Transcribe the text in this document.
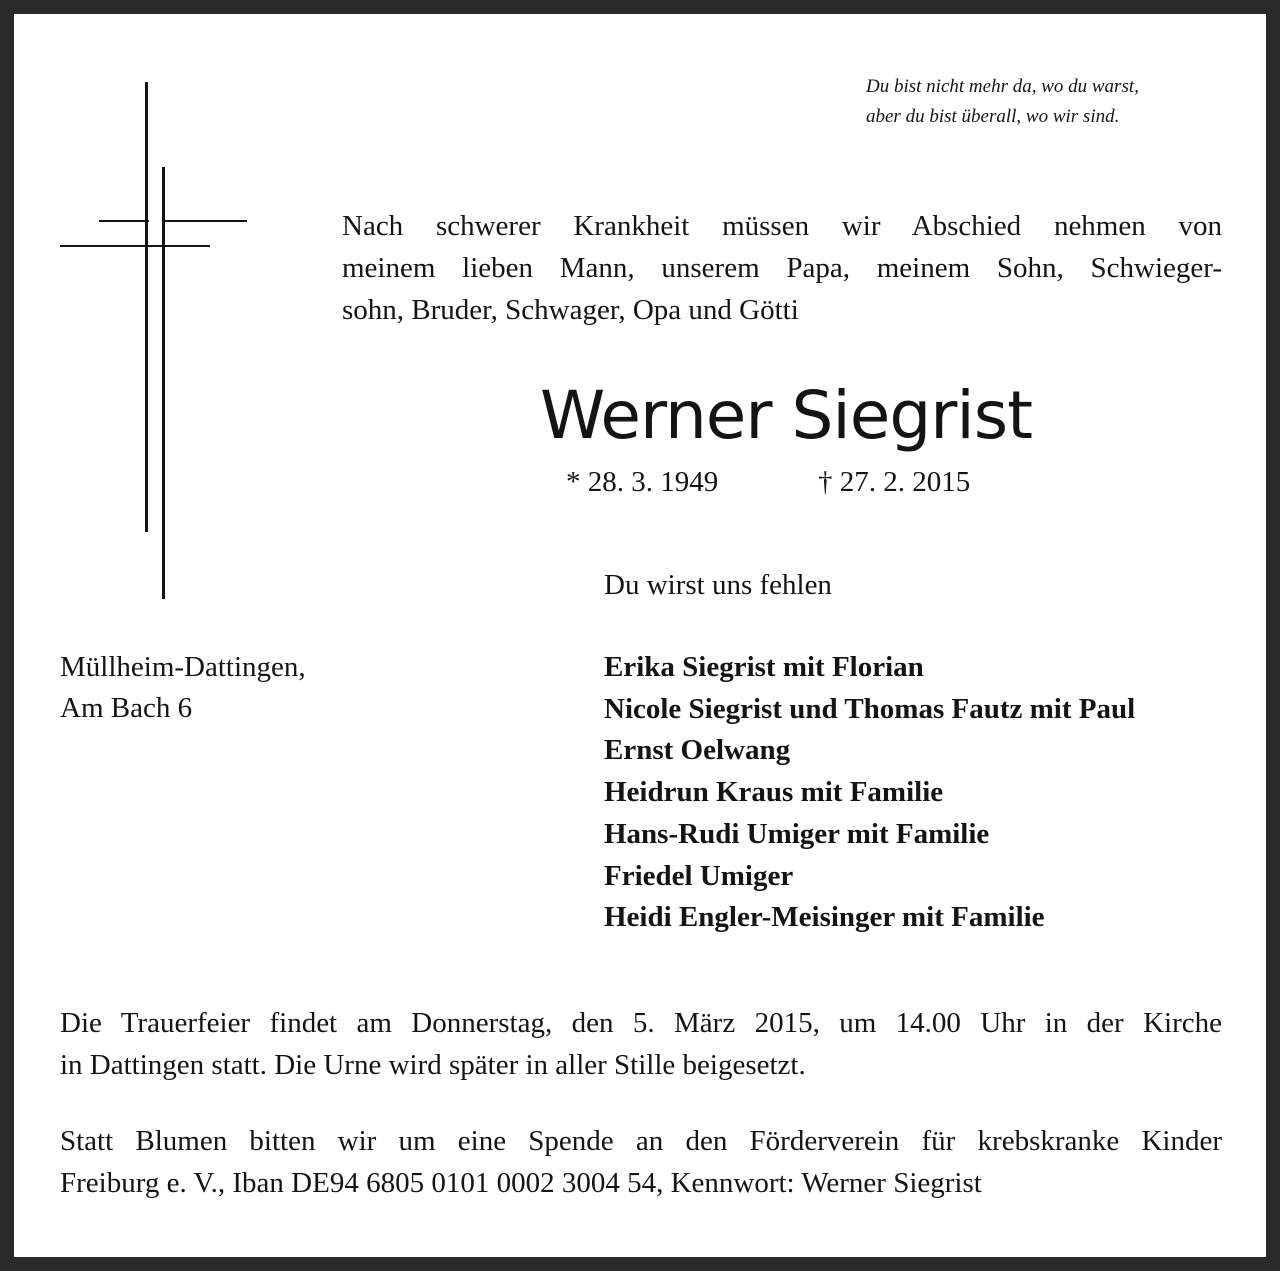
Du bist nicht mehr da, wo du warst,
aber du bist überall, wo wir sind.
Nach schwerer Krankheit müssen wir Abschied nehmen von
meinem lieben Mann, unserem Papa, meinem Sohn, Schwieger-
sohn, Bruder, Schwager, Opa und Götti
Werner Siegrist
* 28. 3. 1949	† 27. 2. 2015
Du wirst uns fehlen
Müllheim-Dattingen,
Am Bach 6
Erika Siegrist mit Florian
Nicole Siegrist und Thomas Fautz mit Paul
Ernst Oelwang
Heidrun Kraus mit Familie
Hans-Rudi Umiger mit Familie
Friedel Umiger
Heidi Engler-Meisinger mit Familie
Die Trauerfeier findet am Donnerstag, den 5. März 2015, um 14.00 Uhr in der Kirche
in Dattingen statt. Die Urne wird später in aller Stille beigesetzt.
Statt Blumen bitten wir um eine Spende an den Förderverein für krebskranke Kinder
Freiburg e. V., Iban DE94 6805 0101 0002 3004 54, Kennwort: Werner Siegrist
